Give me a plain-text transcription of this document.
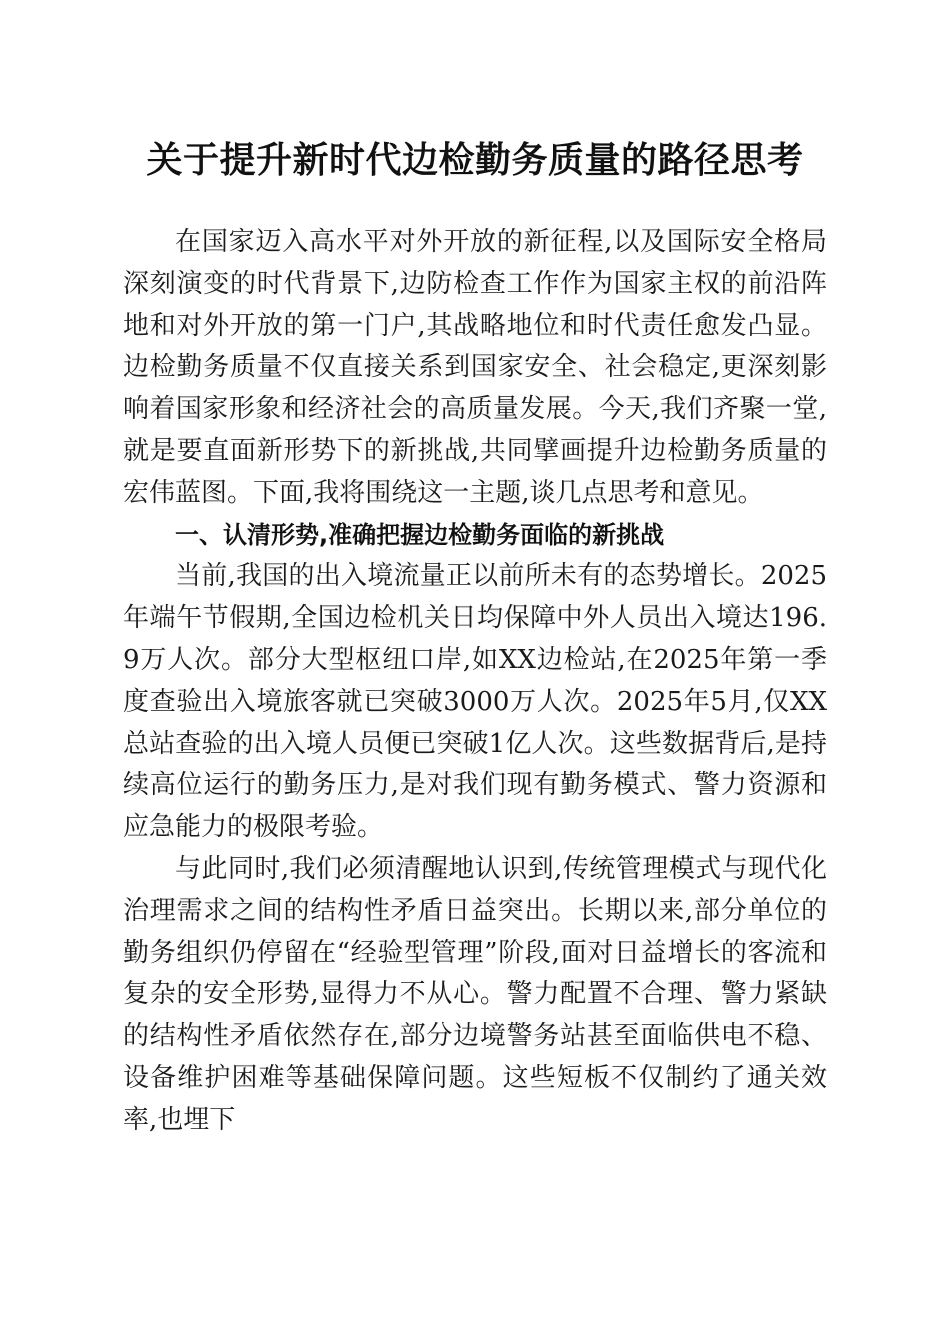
关于提升新时代边检勤务质量的路径思考

在国家迈入高水平对外开放的新征程,以及国际安全格局深刻演变的时代背景下,边防检查工作作为国家主权的前沿阵地和对外开放的第一门户,其战略地位和时代责任愈发凸显。边检勤务质量不仅直接关系到国家安全、社会稳定,更深刻影响着国家形象和经济社会的高质量发展。今天,我们齐聚一堂,就是要直面新形势下的新挑战,共同擘画提升边检勤务质量的宏伟蓝图。下面,我将围绕这一主题,谈几点思考和意见。

一、认清形势,准确把握边检勤务面临的新挑战

当前,我国的出入境流量正以前所未有的态势增长。2025年端午节假期,全国边检机关日均保障中外人员出入境达196.9万人次。部分大型枢纽口岸,如XX边检站,在2025年第一季度查验出入境旅客就已突破3000万人次。2025年5月,仅XX总站查验的出入境人员便已突破1亿人次。这些数据背后,是持续高位运行的勤务压力,是对我们现有勤务模式、警力资源和应急能力的极限考验。

与此同时,我们必须清醒地认识到,传统管理模式与现代化治理需求之间的结构性矛盾日益突出。长期以来,部分单位的勤务组织仍停留在“经验型管理”阶段,面对日益增长的客流和复杂的安全形势,显得力不从心。警力配置不合理、警力紧缺的结构性矛盾依然存在,部分边境警务站甚至面临供电不稳、设备维护困难等基础保障问题。这些短板不仅制约了通关效率,也埋下
